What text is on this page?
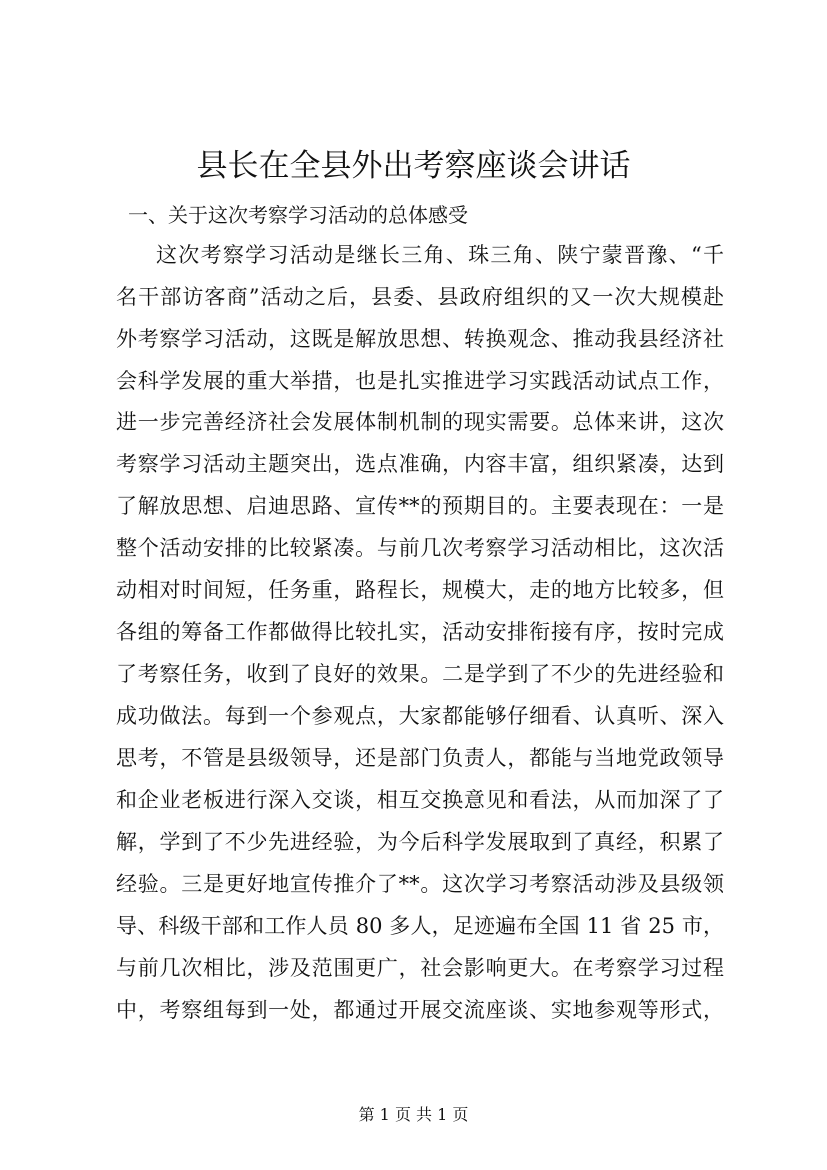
县长在全县外出考察座谈会讲话
一、关于这次考察学习活动的总体感受
这次考察学习活动是继长三角、珠三角、陕宁蒙晋豫、“千
名干部访客商”活动之后，县委、县政府组织的又一次大规模赴
外考察学习活动，这既是解放思想、转换观念、推动我县经济社
会科学发展的重大举措，也是扎实推进学习实践活动试点工作，
进一步完善经济社会发展体制机制的现实需要。总体来讲，这次
考察学习活动主题突出，选点准确，内容丰富，组织紧凑，达到
了解放思想、启迪思路、宣传**的预期目的。主要表现在：一是
整个活动安排的比较紧凑。与前几次考察学习活动相比，这次活
动相对时间短，任务重，路程长，规模大，走的地方比较多，但
各组的筹备工作都做得比较扎实，活动安排衔接有序，按时完成
了考察任务，收到了良好的效果。二是学到了不少的先进经验和
成功做法。每到一个参观点，大家都能够仔细看、认真听、深入
思考，不管是县级领导，还是部门负责人，都能与当地党政领导
和企业老板进行深入交谈，相互交换意见和看法，从而加深了了
解，学到了不少先进经验，为今后科学发展取到了真经，积累了
经验。三是更好地宣传推介了**。这次学习考察活动涉及县级领
导、科级干部和工作人员 80 多人，足迹遍布全国 11 省 25 市，
与前几次相比，涉及范围更广，社会影响更大。在考察学习过程
中，考察组每到一处，都通过开展交流座谈、实地参观等形式，
第 1 页 共 1 页
